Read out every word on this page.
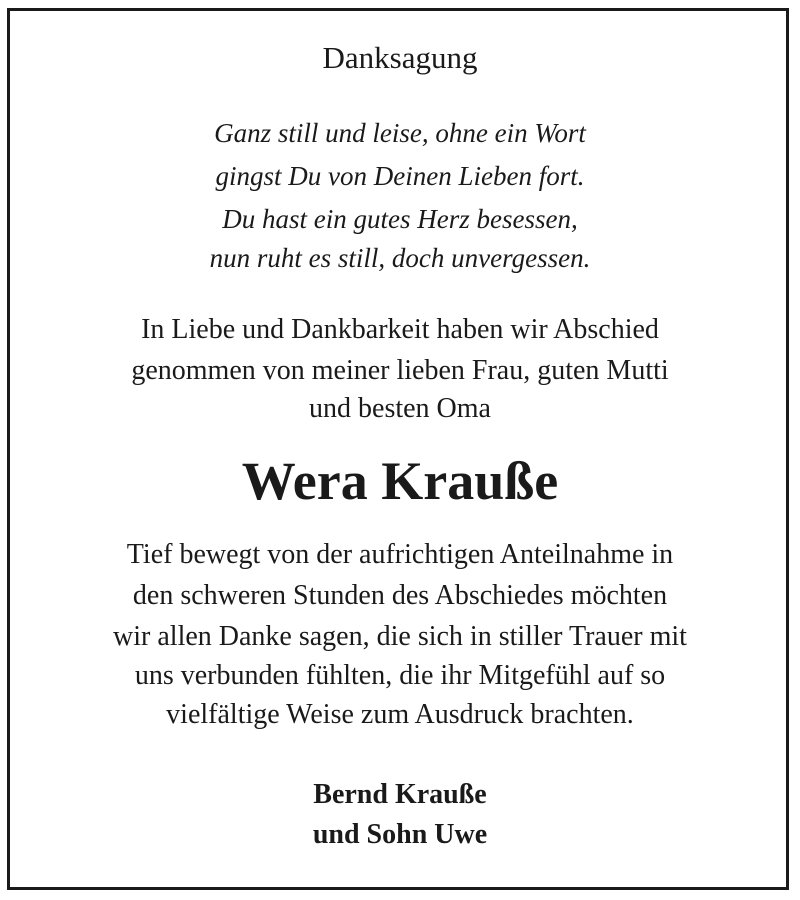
Danksagung
Ganz still und leise, ohne ein Wort
gingst Du von Deinen Lieben fort.
Du hast ein gutes Herz besessen,
nun ruht es still, doch unvergessen.
In Liebe und Dankbarkeit haben wir Abschied
genommen von meiner lieben Frau, guten Mutti
und besten Oma
Wera Krauße
Tief bewegt von der aufrichtigen Anteilnahme in
den schweren Stunden des Abschiedes möchten
wir allen Danke sagen, die sich in stiller Trauer mit
uns verbunden fühlten, die ihr Mitgefühl auf so
vielfältige Weise zum Ausdruck brachten.
Bernd Krauße
und Sohn Uwe
